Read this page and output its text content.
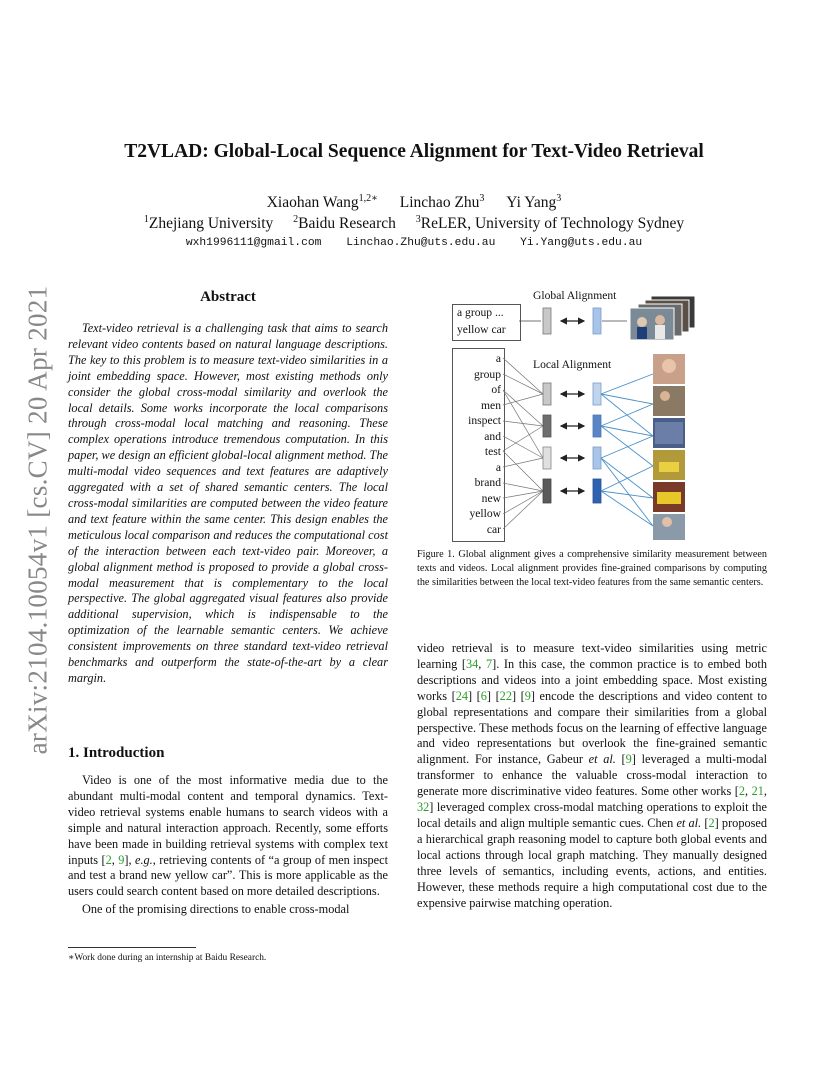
arXiv:2104.10054v1 [cs.CV] 20 Apr 2021
T2VLAD: Global-Local Sequence Alignment for Text-Video Retrieval
Xiaohan Wang$^{1,2∗}$ Linchao Zhu$^3$ Yi Yang$^3$
$^1$Zhejiang University $^2$Baidu Research $^3$ReLER, University of Technology Sydney
wxh1996111@gmail.com Linchao.Zhu@uts.edu.au Yi.Yang@uts.edu.au
Abstract

Text-video retrieval is a challenging task that aims to search relevant video contents based on natural language descriptions. The key to this problem is to measure text-video similarities in a joint embedding space. However, most existing methods only consider the global cross-modal similarity and overlook the local details. Some works incorporate the local comparisons through cross-modal local matching and reasoning. These complex operations introduce tremendous computation. In this paper, we design an efficient global-local alignment method. The multi-modal video sequences and text features are adaptively aggregated with a set of shared semantic centers. The local cross-modal similarities are computed between the video feature and text feature within the same center. This design enables the meticulous local comparison and reduces the computational cost of the interaction between each text-video pair. Moreover, a global alignment method is proposed to provide a global cross-modal measurement that is complementary to the local perspective. The global aggregated visual features also provide additional supervision, which is indispensable to the optimization of the learnable semantic centers. We achieve consistent improvements on three standard text-video retrieval benchmarks and outperform the state-of-the-art by a clear margin.

1. Introduction

Video is one of the most informative media due to the abundant multi-modal content and temporal dynamics. Text-video retrieval systems enable humans to search videos with a simple and natural interaction approach. Recently, some efforts have been made in building retrieval systems with complex text inputs [2, 9], e.g., retrieving contents of “a group of men inspect and test a brand new yellow car”. This is more applicable as the users could search content based on more detailed descriptions.

One of the promising directions to enable cross-modal

∗Work done during an internship at Baidu Research.
Global Alignment
a group ...
yellow car
a
group
of
men
inspect
and
test
a
brand
new
yellow
car
Local Alignment
Figure 1. Global alignment gives a comprehensive similarity measurement between texts and videos. Local alignment provides fine-grained comparisons by computing the similarities between the local text-video features from the same semantic centers.

video retrieval is to measure text-video similarities using metric learning [34, 7]. In this case, the common practice is to embed both descriptions and videos into a joint embedding space. Most existing works [24] [6] [22] [9] encode the descriptions and video content to global representations and compare their similarities from a global perspective. These methods focus on the learning of effective language and video representations but overlook the fine-grained semantic alignment. For instance, Gabeur et al. [9] leveraged a multi-modal transformer to enhance the valuable cross-modal interaction to generate more discriminative video features. Some other works [2, 21, 32] leveraged complex cross-modal matching operations to exploit the local details and align multiple semantic cues. Chen et al. [2] proposed a hierarchical graph reasoning model to capture both global events and local actions through local graph matching. They manually designed three levels of semantics, including events, actions, and entities. However, these methods require a high computational cost due to the expensive pairwise matching operation.
